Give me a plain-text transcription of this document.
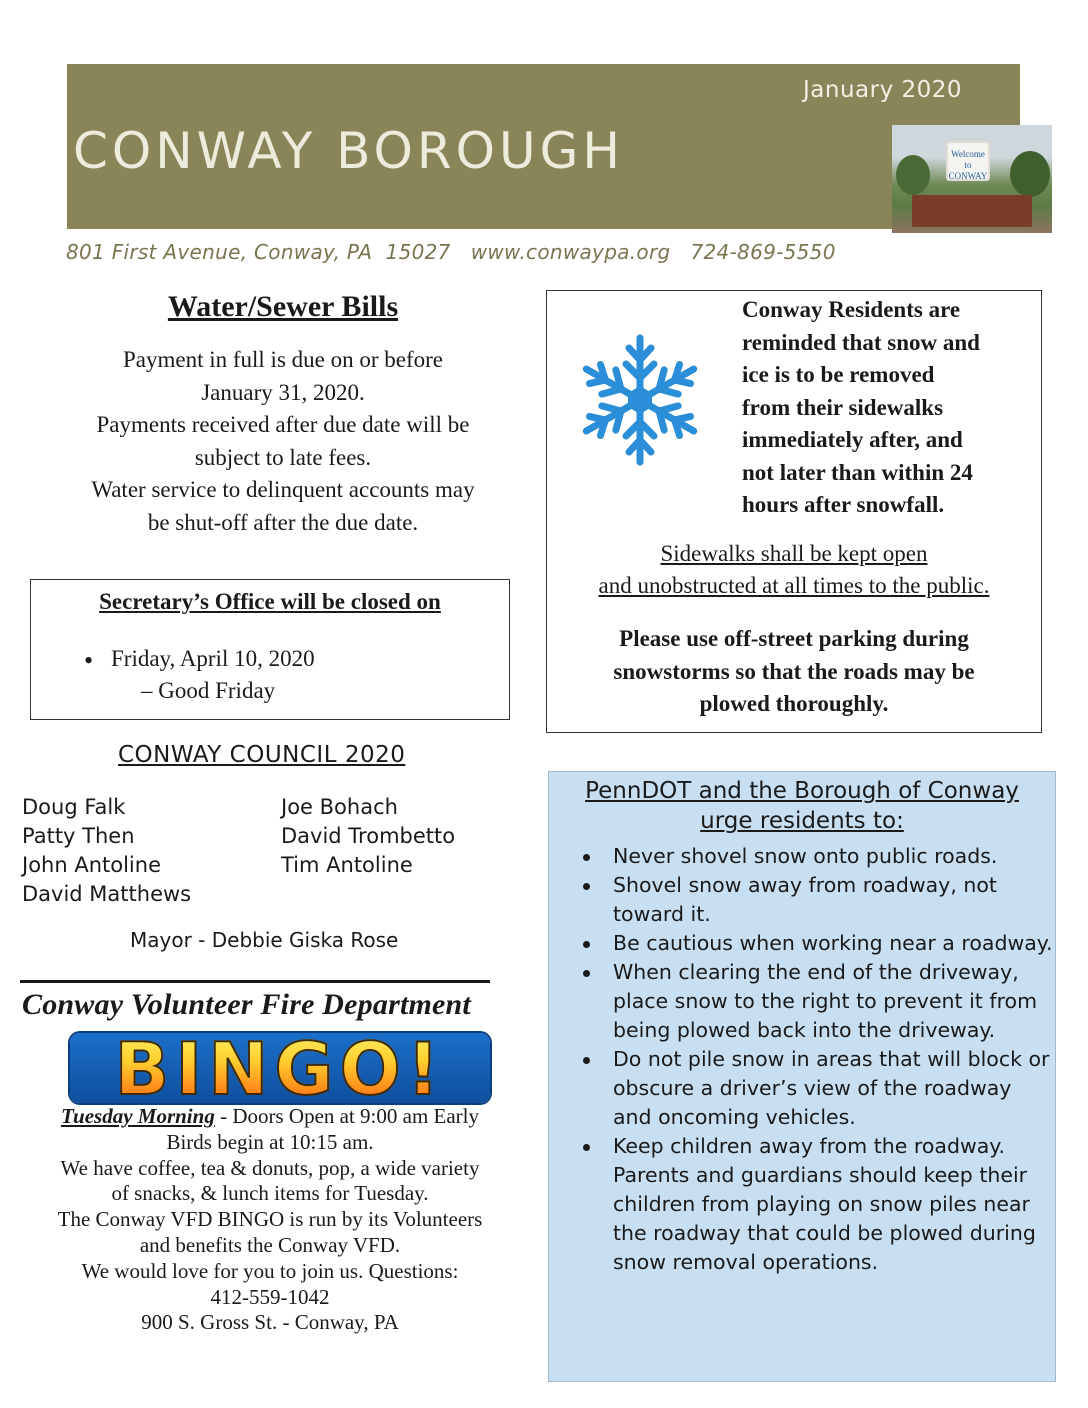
January 2020
CONWAY BOROUGH	Welcome to CONWAY
801 First Avenue, Conway, PA  15027 www.conwaypa.org 724-869-5550
Water/Sewer Bills
Payment in full is due on or before
January 31, 2020.
Payments received after due date will be
subject to late fees.
Water service to delinquent accounts may
be shut-off after the due date.
Secretary’s Office will be closed on
• Friday, April 10, 2020
– Good Friday
CONWAY COUNCIL 2020
Doug Falk
Patty Then
John Antoline
David Matthews
Joe Bohach
David Trombetto
Tim Antoline
Mayor - Debbie Giska Rose
Conway Volunteer Fire Department
BINGO!
Tuesday Morning - Doors Open at 9:00 am Early
Birds begin at 10:15 am.
We have coffee, tea & donuts, pop, a wide variety
of snacks, & lunch items for Tuesday.
The Conway VFD BINGO is run by its Volunteers
and benefits the Conway VFD.
We would love for you to join us. Questions:
412-559-1042
900 S. Gross St. - Conway, PA
Conway Residents are
reminded that snow and
ice is to be removed
from their sidewalks
immediately after, and
not later than within 24
hours after snowfall.
Sidewalks shall be kept open
and unobstructed at all times to the public.
Please use off-street parking during
snowstorms so that the roads may be
plowed thoroughly.
PennDOT and the Borough of Conway
urge residents to:
Never shovel snow onto public roads.
Shovel snow away from roadway, not toward it.
Be cautious when working near a roadway.
When clearing the end of the driveway, place snow to the right to prevent it from being plowed back into the driveway.
Do not pile snow in areas that will block or obscure a driver’s view of the roadway and oncoming vehicles.
Keep children away from the roadway. Parents and guardians should keep their children from playing on snow piles near the roadway that could be plowed during snow removal operations.
